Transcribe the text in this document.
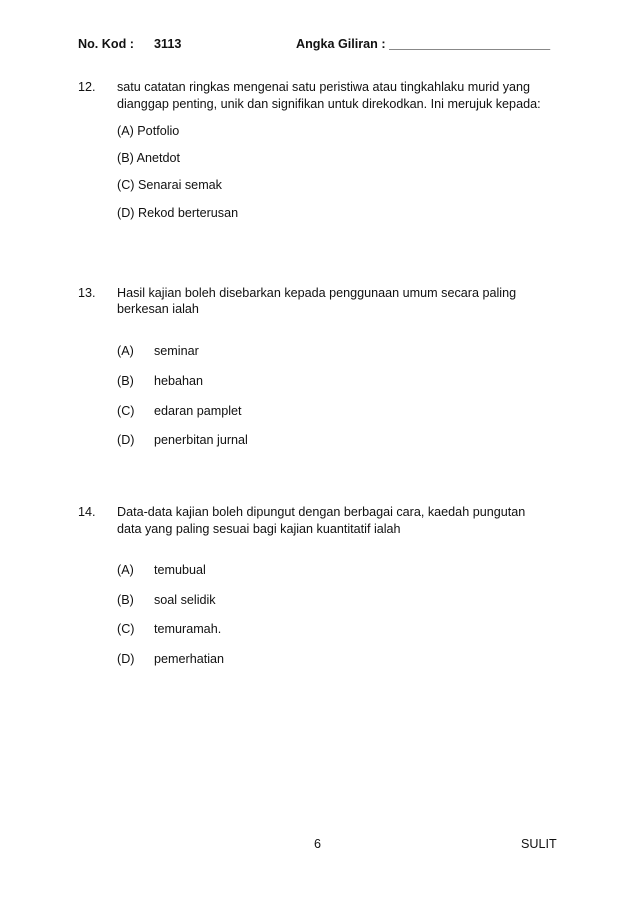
No. Kod : 3113	Angka Giliran : _______________________
12. satu catatan ringkas mengenai satu peristiwa atau tingkahlaku murid yang
dianggap penting, unik dan signifikan untuk direkodkan. Ini merujuk kepada:
(A) Potfolio
(B) Anetdot
(C) Senarai semak
(D) Rekod berterusan
13. Hasil kajian boleh disebarkan kepada penggunaan umum secara paling
berkesan ialah
(A) seminar
(B) hebahan
(C) edaran pamplet
(D) penerbitan jurnal
14. Data-data kajian boleh dipungut dengan berbagai cara, kaedah pungutan
data yang paling sesuai bagi kajian kuantitatif ialah
(A) temubual
(B) soal selidik
(C) temuramah.
(D) pemerhatian
6	SULIT
